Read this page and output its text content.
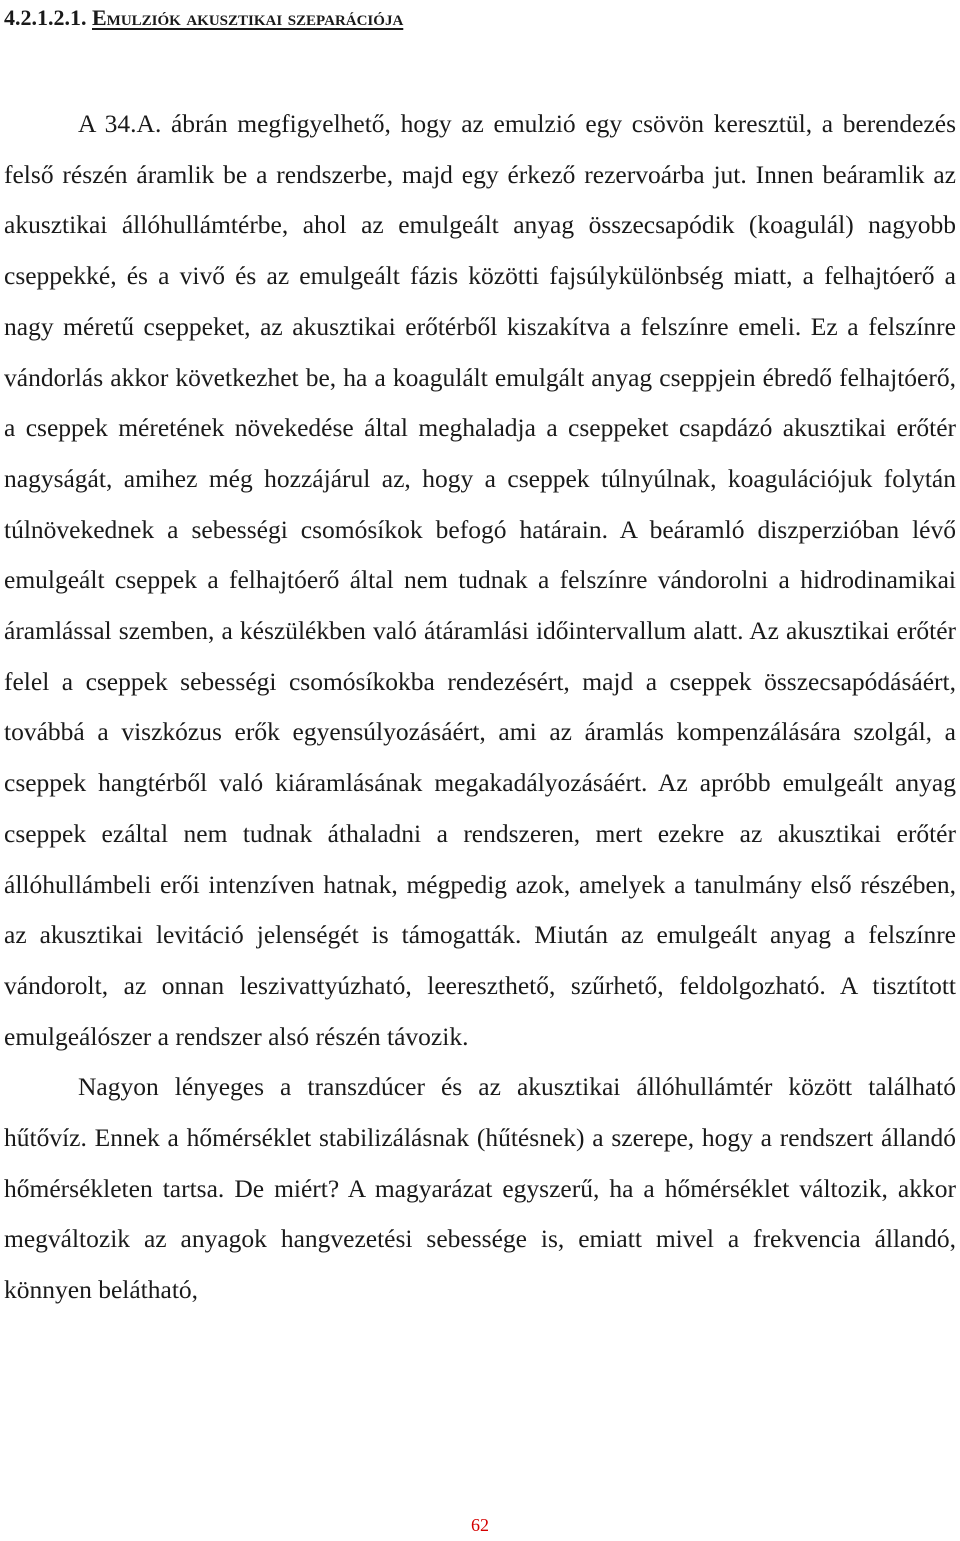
4.2.1.2.1. Emulziók akusztikai szeparációja

A 34.A. ábrán megfigyelhető, hogy az emulzió egy csövön keresztül, a berendezés felső részén áramlik be a rendszerbe, majd egy érkező rezervoárba jut. Innen beáramlik az akusztikai állóhullámtérbe, ahol az emulgeált anyag összecsapódik (koagulál) nagyobb cseppekké, és a vivő és az emulgeált fázis közötti fajsúlykülönbség miatt, a felhajtóerő a nagy méretű cseppeket, az akusztikai erőtérből kiszakítva a felszínre emeli. Ez a felszínre vándorlás akkor következhet be, ha a koagulált emulgált anyag cseppjein ébredő felhajtóerő, a cseppek méretének növekedése által meghaladja a cseppeket csapdázó akusztikai erőtér nagyságát, amihez még hozzájárul az, hogy a cseppek túlnyúlnak, koagulációjuk folytán túlnövekednek a sebességi csomósíkok befogó határain. A beáramló diszperzióban lévő emulgeált cseppek a felhajtóerő által nem tudnak a felszínre vándorolni a hidrodinamikai áramlással szemben, a készülékben való átáramlási időintervallum alatt. Az akusztikai erőtér felel a cseppek sebességi csomósíkokba rendezésért, majd a cseppek összecsapódásáért, továbbá a viszkózus erők egyensúlyozásáért, ami az áramlás kompenzálására szolgál, a cseppek hangtérből való kiáramlásának megakadályozásáért. Az apróbb emulgeált anyag cseppek ezáltal nem tudnak áthaladni a rendszeren, mert ezekre az akusztikai erőtér állóhullámbeli erői intenzíven hatnak, mégpedig azok, amelyek a tanulmány első részében, az akusztikai levitáció jelenségét is támogatták. Miután az emulgeált anyag a felszínre vándorolt, az onnan leszivattyúzható, leereszthető, szűrhető, feldolgozható. A tisztított emulgeálószer a rendszer alsó részén távozik.

Nagyon lényeges a transzdúcer és az akusztikai állóhullámtér között található hűtővíz. Ennek a hőmérséklet stabilizálásnak (hűtésnek) a szerepe, hogy a rendszert állandó hőmérsékleten tartsa. De miért? A magyarázat egyszerű, ha a hőmérséklet változik, akkor megváltozik az anyagok hangvezetési sebessége is, emiatt mivel a frekvencia állandó, könnyen belátható,

62
